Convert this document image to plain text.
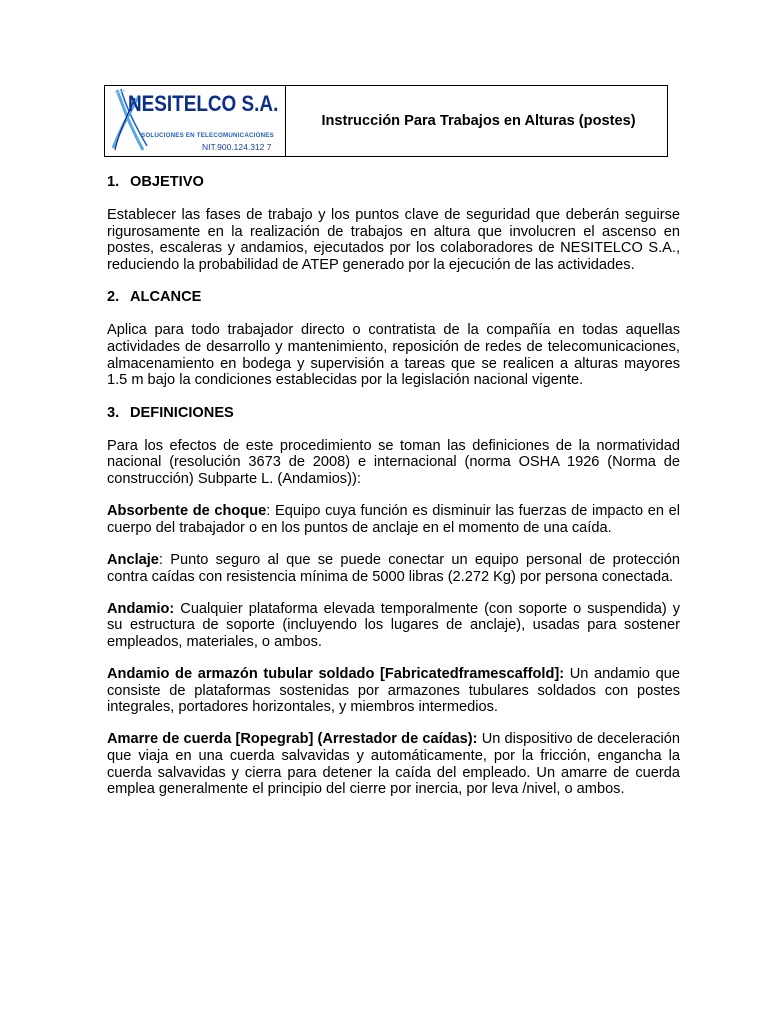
NESITELCO S.A.
SOLUCIONES EN TELECOMUNICACIONES
NIT.900.124.312 7
Instrucción Para Trabajos en Alturas (postes)
1. OBJETIVO

Establecer las fases de trabajo y los puntos clave de seguridad que deberán seguirse rigurosamente en la realización de trabajos en altura que involucren el ascenso en postes, escaleras y andamios, ejecutados por los colaboradores de NESITELCO S.A., reduciendo la probabilidad de ATEP generado por la ejecución de las actividades.

2. ALCANCE

Aplica para todo trabajador directo o contratista de la compañía en todas aquellas actividades de desarrollo y mantenimiento, reposición de redes de telecomunicaciones, almacenamiento en bodega y supervisión a tareas que se realicen a alturas mayores 1.5 m bajo la condiciones establecidas por la legislación nacional vigente.

3. DEFINICIONES

Para los efectos de este procedimiento se toman las definiciones de la normatividad nacional (resolución 3673 de 2008) e internacional (norma OSHA 1926 (Norma de construcción) Subparte L. (Andamios)):

Absorbente de choque: Equipo cuya función es disminuir las fuerzas de impacto en el cuerpo del trabajador o en los puntos de anclaje en el momento de una caída.

Anclaje: Punto seguro al que se puede conectar un equipo personal de protección contra caídas con resistencia mínima de 5000 libras (2.272 Kg) por persona conectada.

Andamio: Cualquier plataforma elevada temporalmente (con soporte o suspendida) y su estructura de soporte (incluyendo los lugares de anclaje), usadas para sostener empleados, materiales, o ambos.

Andamio de armazón tubular soldado [Fabricatedframescaffold]: Un andamio que consiste de plataformas sostenidas por armazones tubulares soldados con postes integrales, portadores horizontales, y miembros intermedios.

Amarre de cuerda [Ropegrab] (Arrestador de caídas): Un dispositivo de deceleración que viaja en una cuerda salvavidas y automáticamente, por la fricción, engancha la cuerda salvavidas y cierra para detener la caída del empleado. Un amarre de cuerda emplea generalmente el principio del cierre por inercia, por leva /nivel, o ambos.
